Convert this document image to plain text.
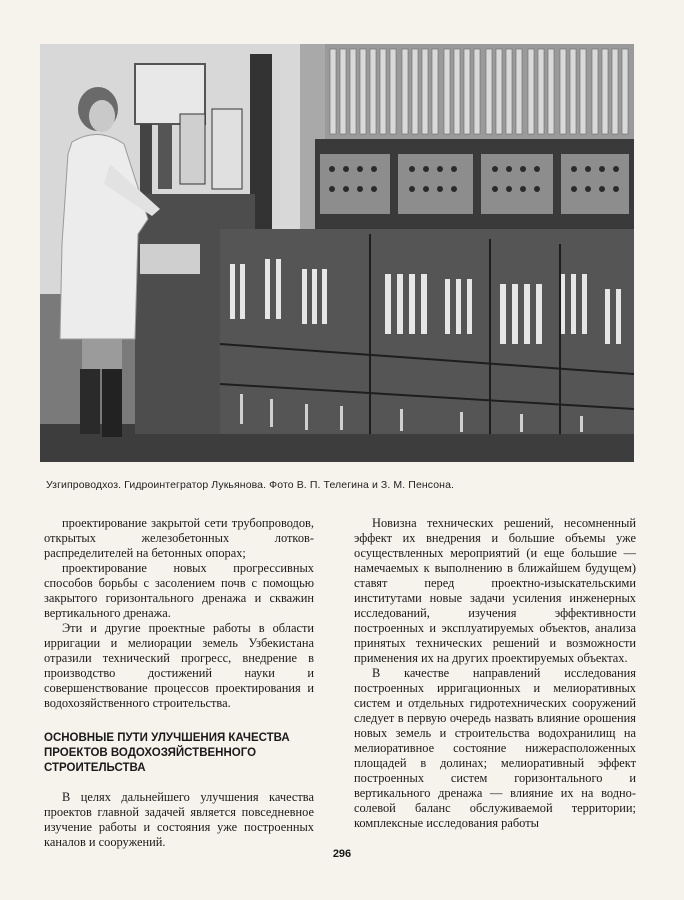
Узгипроводхоз. Гидроинтегратор Лукьянова. Фото В. П. Телегина и З. М. Пенсона.

проектирование закрытой сети трубопроводов, открытых железобетонных лотков-распределителей на бетонных опорах;

проектирование новых прогрессивных способов борьбы с засолением почв с помощью закрытого горизонтального дренажа и скважин вертикального дренажа.

Эти и другие проектные работы в области ирригации и мелиорации земель Узбекистана отразили технический прогресс, внедрение в производство достижений науки и совершенствование процессов проектирования и водохозяйственного строительства.

ОСНОВНЫЕ ПУТИ УЛУЧШЕНИЯ КАЧЕСТВА ПРОЕКТОВ ВОДОХОЗЯЙСТВЕННОГО СТРОИТЕЛЬСТВА

В целях дальнейшего улучшения качества проектов главной задачей является повседневное изучение работы и состояния уже построенных каналов и сооружений.

Новизна технических решений, несомненный эффект их внедрения и большие объемы уже осуществленных мероприятий (и еще большие — намечаемых к выполнению в ближайшем будущем) ставят перед проектно-изыскательскими институтами новые задачи усиления инженерных исследований, изучения эффективности построенных и эксплуатируемых объектов, анализа принятых технических решений и возможности применения их на других проектируемых объектах.

В качестве направлений исследования построенных ирригационных и мелиоративных систем и отдельных гидротехнических сооружений следует в первую очередь назвать влияние орошения новых земель и строительства водохранилищ на мелиоративное состояние нижерасположенных площадей в долинах; мелиоративный эффект построенных систем горизонтального и вертикального дренажа — влияние их на водно-солевой баланс обслуживаемой территории; комплексные исследования работы

296
